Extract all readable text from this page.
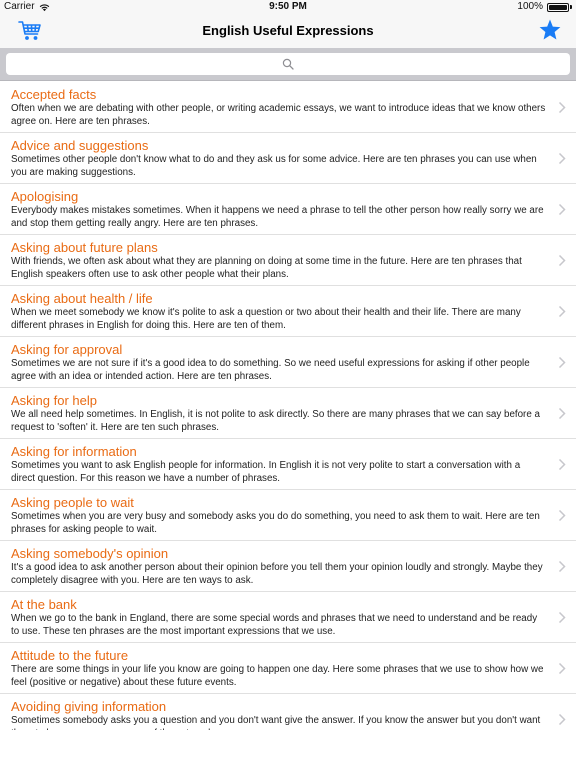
Carrier	9:50 PM	100%
English Useful Expressions
Accepted facts
Often when we are debating with other people, or writing academic essays, we want to introduce ideas that we know others agree on. Here are ten phrases.
Advice and suggestions
Sometimes other people don't know what to do and they ask us for some advice. Here are ten phrases you can use when you are making suggestions.
Apologising
Everybody makes mistakes sometimes. When it happens we need a phrase to tell the other person how really sorry we are and stop them getting really angry. Here are ten phrases.
Asking about future plans
With friends, we often ask about what they are planning on doing at some time in the future. Here are ten phrases that English speakers often use to ask other people what their plans.
Asking about health / life
When we meet somebody we know it's polite to ask a question or two about their health and their life. There are many different phrases in English for doing this. Here are ten of them.
Asking for approval
Sometimes we are not sure if it's a good idea to do something. So we need useful expressions for asking if other people agree with an idea or intended action. Here are ten phrases.
Asking for help
We all need help sometimes. In English, it is not polite to ask directly. So there are many phrases that we can say before a request to 'soften' it. Here are ten such phrases.
Asking for information
Sometimes you want to ask English people for information. In English it is not very polite to start a conversation with a direct question. For this reason we have a number of phrases.
Asking people to wait
Sometimes when you are very busy and somebody asks you do do something, you need to ask them to wait. Here are ten phrases for asking people to wait.
Asking somebody's opinion
It's a good idea to ask another person about their opinion before you tell them your opinion loudly and strongly. Maybe they completely disagree with you. Here are ten ways to ask.
At the bank
When we go to the bank in England, there are some special words and phrases that we need to understand and be ready to use. These ten phrases are the most important expressions that we use.
Attitude to the future
There are some things in your life you know are going to happen one day. Here some phrases that we use to show how we feel (positive or negative) about these future events.
Avoiding giving information
Sometimes somebody asks you a question and you don't want give the answer. If you know the answer but you don't want
